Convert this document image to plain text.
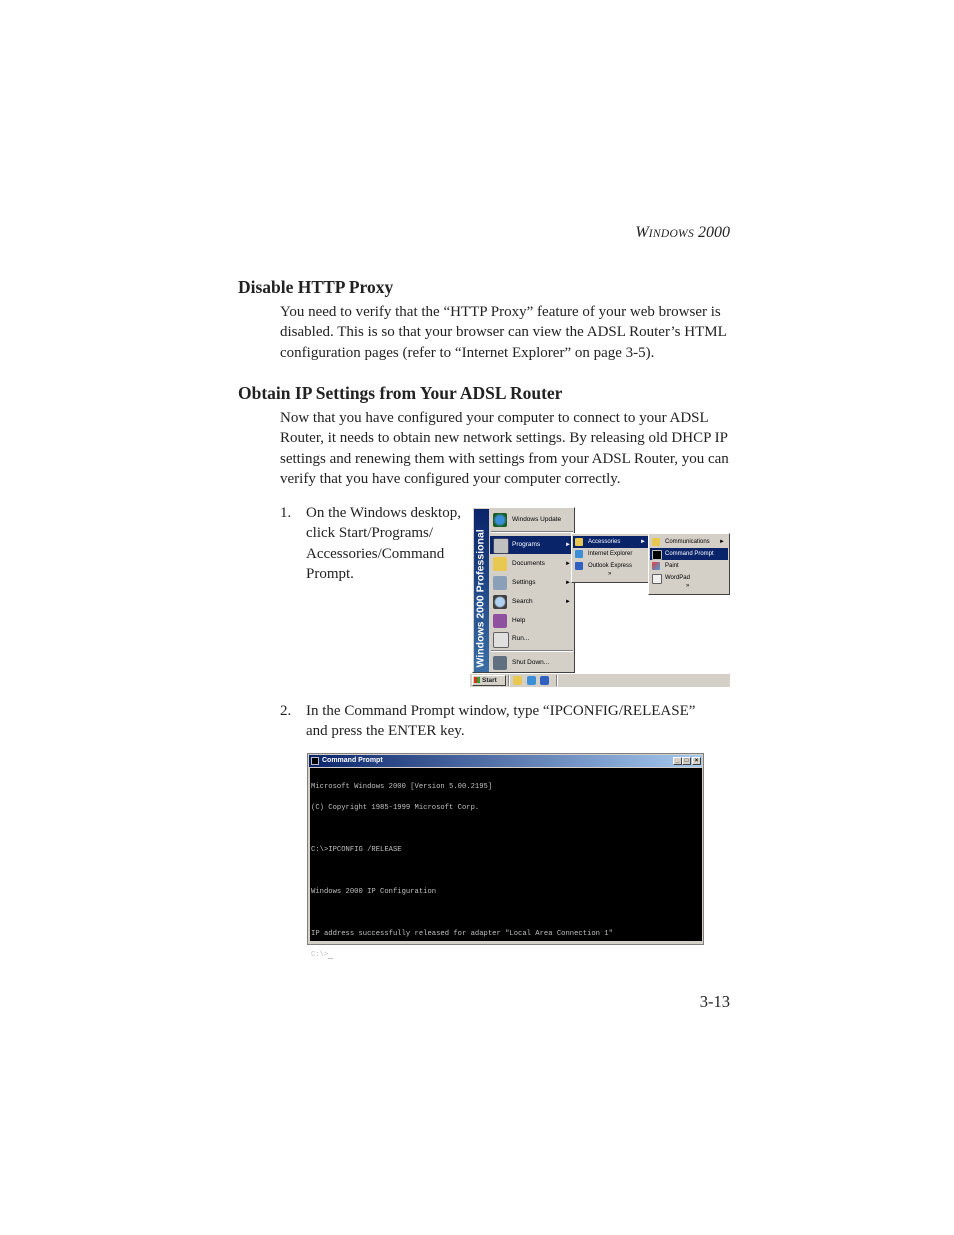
WINDOWS 2000
Disable HTTP Proxy
You need to verify that the “HTTP Proxy” feature of your web browser is
disabled. This is so that your browser can view the ADSL Router’s HTML
configuration pages (refer to “Internet Explorer” on page 3-5).
Obtain IP Settings from Your ADSL Router
Now that you have configured your computer to connect to your ADSL
Router, it needs to obtain new network settings. By releasing old DHCP IP
settings and renewing them with settings from your ADSL Router, you can
verify that you have configured your computer correctly.
1. On the Windows desktop,
click Start/Programs/
Accessories/Command
Prompt.	Windows 2000 Professional
Windows Update
Programs	►
Documents	►
Settings	►
Search	►
Help
Run...
Shut Down...
Accessories	►
Internet Explorer
Outlook Express
»
Communications ►
Command Prompt
Paint
WordPad
»
Start
2. In the Command Prompt window, type “IPCONFIG/RELEASE”
and press the ENTER key.
Command Prompt	_ □	×

Microsoft Windows 2000 [Version 5.00.2195]

(C) Copyright 1985-1999 Microsoft Corp.

C:\>IPCONFIG /RELEASE

Windows 2000 IP Configuration

IP address successfully released for adapter "Local Area Connection 1"

C:\>

3-13
